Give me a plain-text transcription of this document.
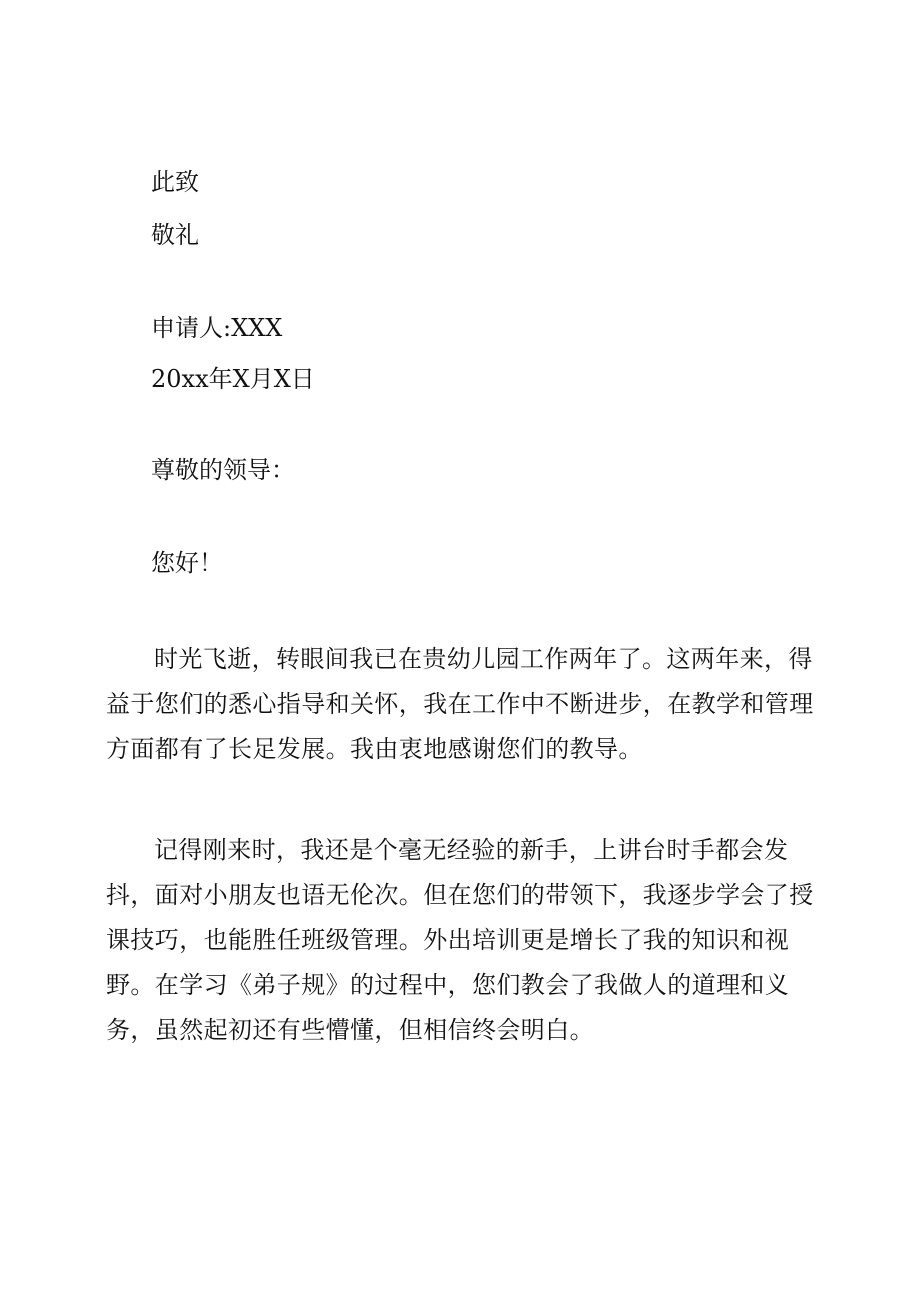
此致
敬礼
申请人:XXX
20xx年X月X日
尊敬的领导：
您好！
时光飞逝，转眼间我已在贵幼儿园工作两年了。这两年来，得益于您们的悉心指导和关怀，我在工作中不断进步，在教学和管理方面都有了长足发展。我由衷地感谢您们的教导。
记得刚来时，我还是个毫无经验的新手，上讲台时手都会发抖，面对小朋友也语无伦次。但在您们的带领下，我逐步学会了授课技巧，也能胜任班级管理。外出培训更是增长了我的知识和视野。在学习《弟子规》的过程中，您们教会了我做人的道理和义务，虽然起初还有些懵懂，但相信终会明白。
